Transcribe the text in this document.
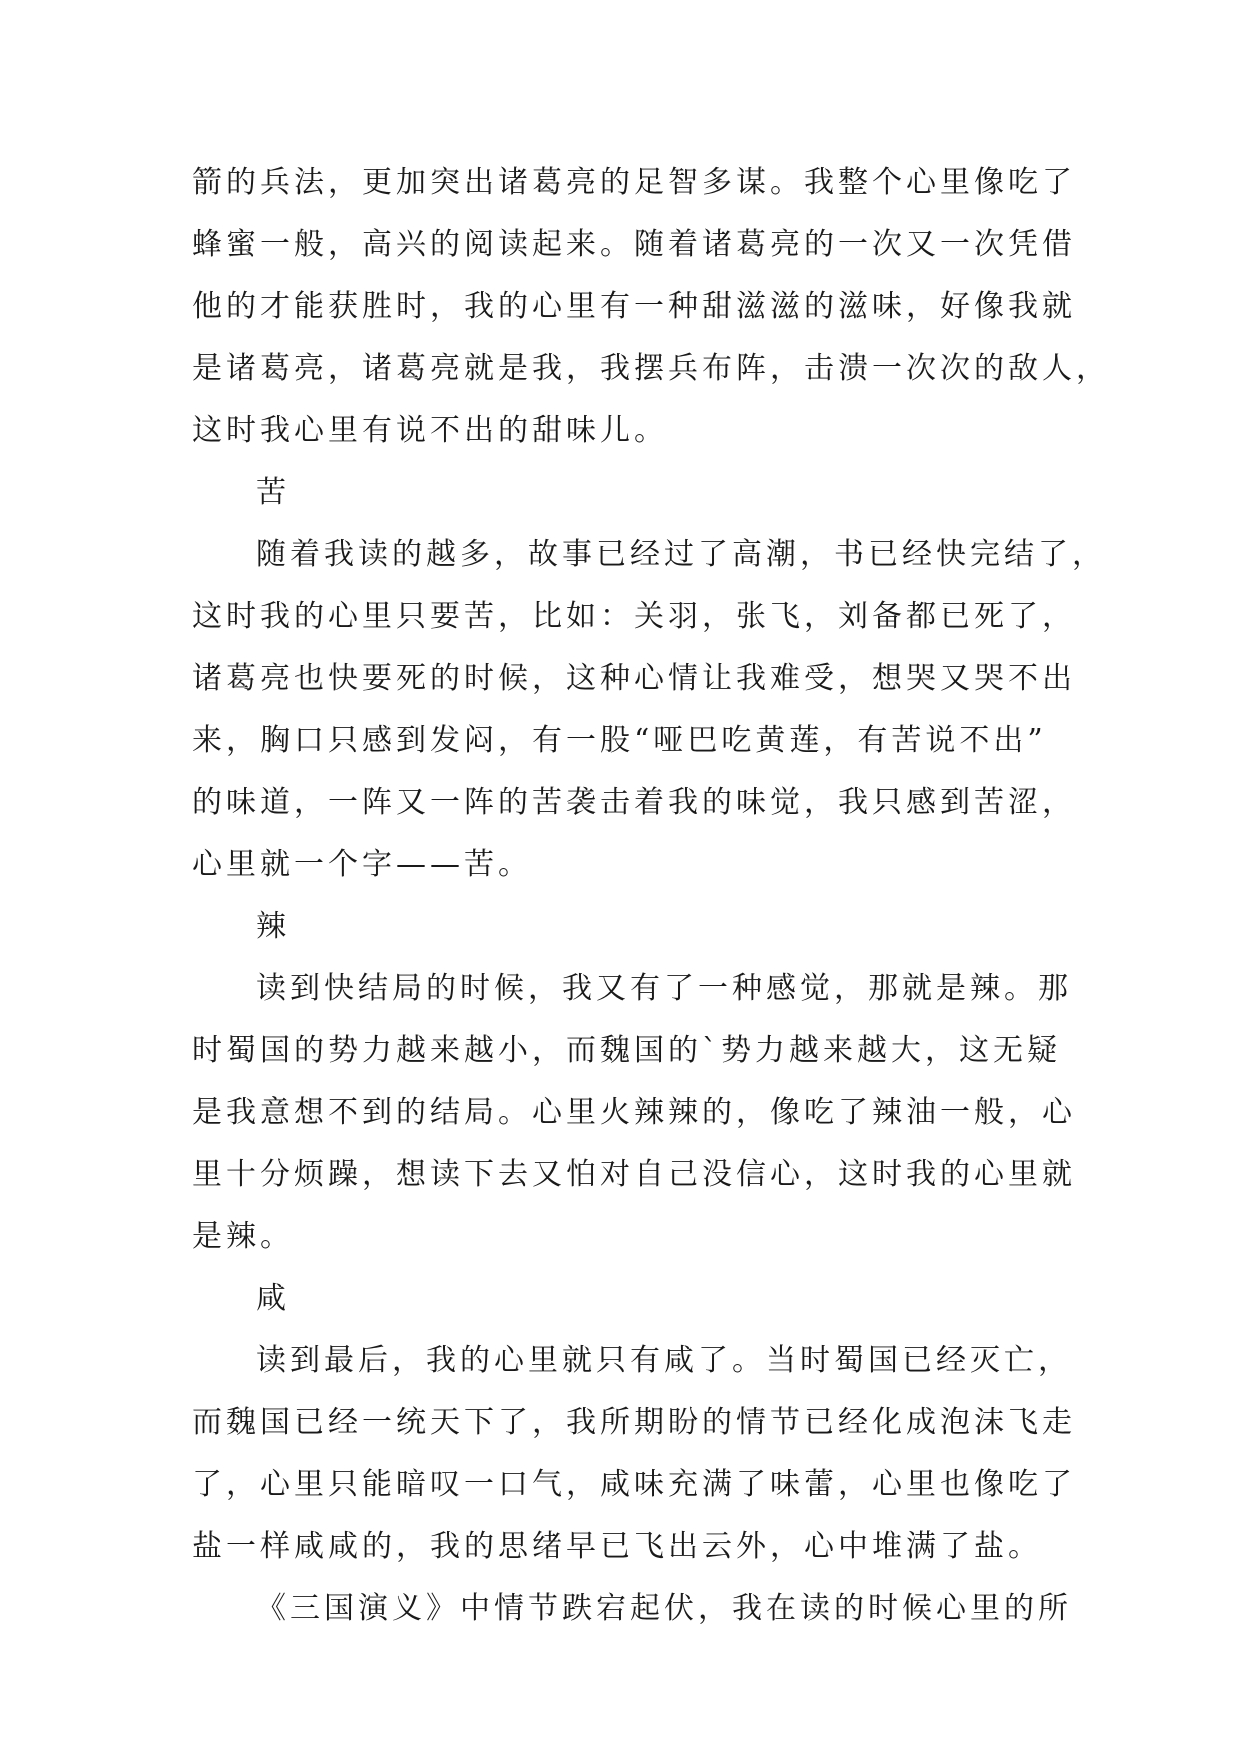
箭的兵法，更加突出诸葛亮的足智多谋。我整个心里像吃了
蜂蜜一般，高兴的阅读起来。随着诸葛亮的一次又一次凭借
他的才能获胜时，我的心里有一种甜滋滋的滋味，好像我就
是诸葛亮，诸葛亮就是我，我摆兵布阵，击溃一次次的敌人，
这时我心里有说不出的甜味儿。
苦
随着我读的越多，故事已经过了高潮，书已经快完结了，
这时我的心里只要苦，比如：关羽，张飞，刘备都已死了，
诸葛亮也快要死的时候，这种心情让我难受，想哭又哭不出
来，胸口只感到发闷，有一股“哑巴吃黄莲，有苦说不出”
的味道，一阵又一阵的苦袭击着我的味觉，我只感到苦涩，
心里就一个字——苦。
辣
读到快结局的时候，我又有了一种感觉，那就是辣。那
时蜀国的势力越来越小，而魏国的`势力越来越大，这无疑
是我意想不到的结局。心里火辣辣的，像吃了辣油一般，心
里十分烦躁，想读下去又怕对自己没信心，这时我的心里就
是辣。
咸
读到最后，我的心里就只有咸了。当时蜀国已经灭亡，
而魏国已经一统天下了，我所期盼的情节已经化成泡沫飞走
了，心里只能暗叹一口气，咸味充满了味蕾，心里也像吃了
盐一样咸咸的，我的思绪早已飞出云外，心中堆满了盐。
《三国演义》中情节跌宕起伏，我在读的时候心里的所
